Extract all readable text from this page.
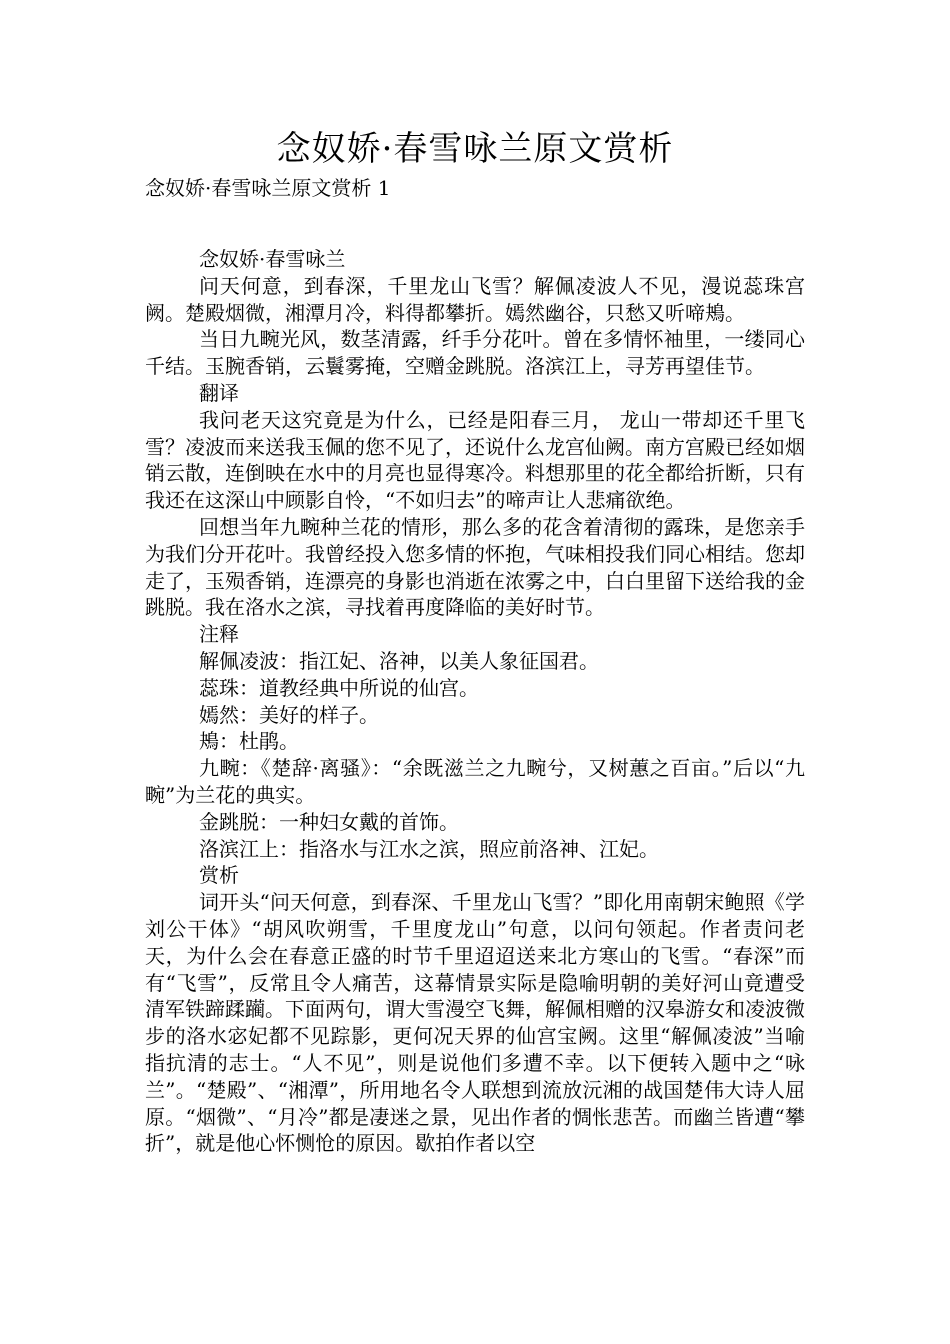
念奴娇·春雪咏兰原文赏析
念奴娇·春雪咏兰原文赏析 1

念奴娇·春雪咏兰

问天何意，到春深，千里龙山飞雪？解佩凌波人不见，漫说蕊珠宫阙。楚殿烟微，湘潭月冷，料得都攀折。嫣然幽谷，只愁又听啼鴂。

当日九畹光风，数茎清露，纤手分花叶。曾在多情怀袖里，一缕同心千结。玉腕香销，云鬟雾掩，空赠金跳脱。洛滨江上，寻芳再望佳节。

翻译

我问老天这究竟是为什么，已经是阳春三月， 龙山一带却还千里飞雪？凌波而来送我玉佩的您不见了，还说什么龙宫仙阙。南方宫殿已经如烟销云散，连倒映在水中的月亮也显得寒冷。料想那里的花全都给折断，只有我还在这深山中顾影自怜，“不如归去”的啼声让人悲痛欲绝。

回想当年九畹种兰花的情形，那么多的花含着清彻的露珠，是您亲手为我们分开花叶。我曾经投入您多情的怀抱，气味相投我们同心相结。您却走了，玉殒香销，连漂亮的身影也消逝在浓雾之中，白白里留下送给我的金跳脱。我在洛水之滨，寻找着再度降临的美好时节。

注释

解佩凌波：指江妃、洛神，以美人象征国君。

蕊珠：道教经典中所说的仙宫。

嫣然：美好的样子。

鴂：杜鹃。

九畹：《楚辞·离骚》：“余既滋兰之九畹兮，又树蕙之百亩。”后以“九畹”为兰花的典实。

金跳脱：一种妇女戴的首饰。

洛滨江上：指洛水与江水之滨，照应前洛神、江妃。

赏析

词开头“问天何意，到春深、千里龙山飞雪？”即化用南朝宋鲍照《学刘公干体》“胡风吹朔雪，千里度龙山”句意，以问句领起。作者责问老天，为什么会在春意正盛的时节千里迢迢送来北方寒山的飞雪。“春深”而有“飞雪”，反常且令人痛苦，这幕情景实际是隐喻明朝的美好河山竟遭受清军铁蹄蹂躏。下面两句，谓大雪漫空飞舞，解佩相赠的汉皋游女和凌波微步的洛水宓妃都不见踪影，更何况天界的仙宫宝阙。这里“解佩凌波”当喻指抗清的志士。“人不见”，则是说他们多遭不幸。以下便转入题中之“咏兰”。“楚殿”、“湘潭”，所用地名令人联想到流放沅湘的战国楚伟大诗人屈原。“烟微”、“月冷”都是凄迷之景，见出作者的惆怅悲苦。而幽兰皆遭“攀折”，就是他心怀恻怆的原因。歇拍作者以空
